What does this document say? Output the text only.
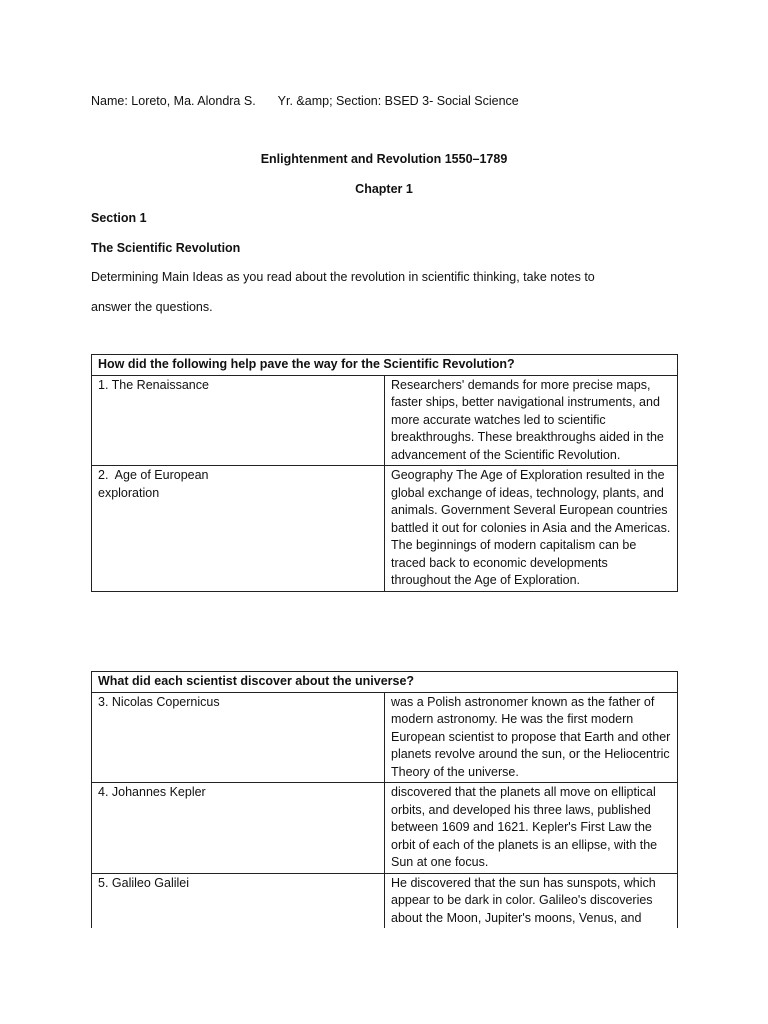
Name: Loreto, Ma. Alondra S. Yr. &amp; Section: BSED 3- Social Science
Enlightenment and Revolution 1550–1789
Chapter 1
Section 1
The Scientific Revolution
Determining Main Ideas as you read about the revolution in scientific thinking, take notes to
answer the questions.
How did the following help pave the way for the Scientific Revolution?	
1. The Renaissance	Researchers' demands for more precise maps, faster ships, better navigational instruments, and more accurate watches led to scientific breakthroughs. These breakthroughs aided in the advancement of the Scientific Revolution.
2.  Age of European
exploration	Geography The Age of Exploration resulted in the global exchange of ideas, technology, plants, and animals. Government Several European countries battled it out for colonies in Asia and the Americas. The beginnings of modern capitalism can be traced back to economic developments throughout the Age of Exploration.
What did each scientist discover about the universe?	
3. Nicolas Copernicus	was a Polish astronomer known as the father of modern astronomy. He was the first modern European scientist to propose that Earth and other planets revolve around the sun, or the Heliocentric Theory of the universe.
4. Johannes Kepler	discovered that the planets all move on elliptical orbits, and developed his three laws, published between 1609 and 1621. Kepler's First Law the orbit of each of the planets is an ellipse, with the Sun at one focus.
5. Galileo Galilei	He discovered that the sun has sunspots, which appear to be dark in color. Galileo's discoveries about the Moon, Jupiter's moons, Venus, and
